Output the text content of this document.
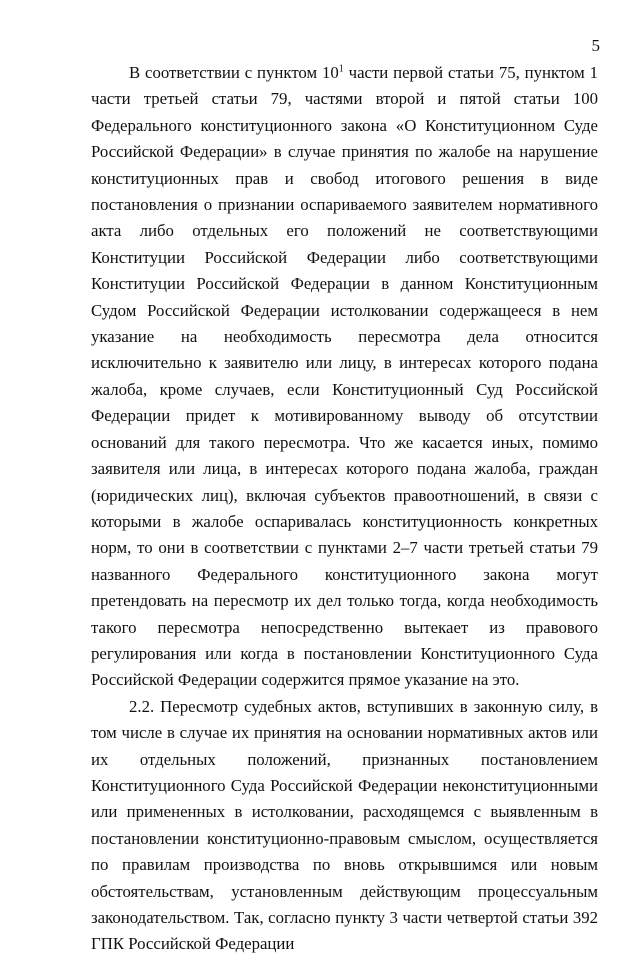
5

В соответствии с пунктом $10^1$ части первой статьи 75, пунктом 1 части третьей статьи 79, частями второй и пятой статьи 100 Федерального конституционного закона «О Конституционном Суде Российской Федерации» в случае принятия по жалобе на нарушение конституционных прав и свобод итогового решения в виде постановления о признании оспариваемого заявителем нормативного акта либо отдельных его положений не соответствующими Конституции Российской Федерации либо соответствующими Конституции Российской Федерации в данном Конституционным Судом Российской Федерации истолковании содержащееся в нем указание на необходимость пересмотра дела относится исключительно к заявителю или лицу, в интересах которого подана жалоба, кроме случаев, если Конституционный Суд Российской Федерации придет к мотивированному выводу об отсутствии оснований для такого пересмотра. Что же касается иных, помимо заявителя или лица, в интересах которого подана жалоба, граждан (юридических лиц), включая субъектов правоотношений, в связи с которыми в жалобе оспаривалась конституционность конкретных норм, то они в соответствии с пунктами 2–7 части третьей статьи 79 названного Федерального конституционного закона могут претендовать на пересмотр их дел только тогда, когда необходимость такого пересмотра непосредственно вытекает из правового регулирования или когда в постановлении Конституционного Суда Российской Федерации содержится прямое указание на это.

2.2. Пересмотр судебных актов, вступивших в законную силу, в том числе в случае их принятия на основании нормативных актов или их отдельных положений, признанных постановлением Конституционного Суда Российской Федерации неконституционными или примененных в истолковании, расходящемся с выявленным в постановлении конституционно-правовым смыслом, осуществляется по правилам производства по вновь открывшимся или новым обстоятельствам, установленным действующим процессуальным законодательством. Так, согласно пункту 3 части четвертой статьи 392 ГПК Российской Федерации
